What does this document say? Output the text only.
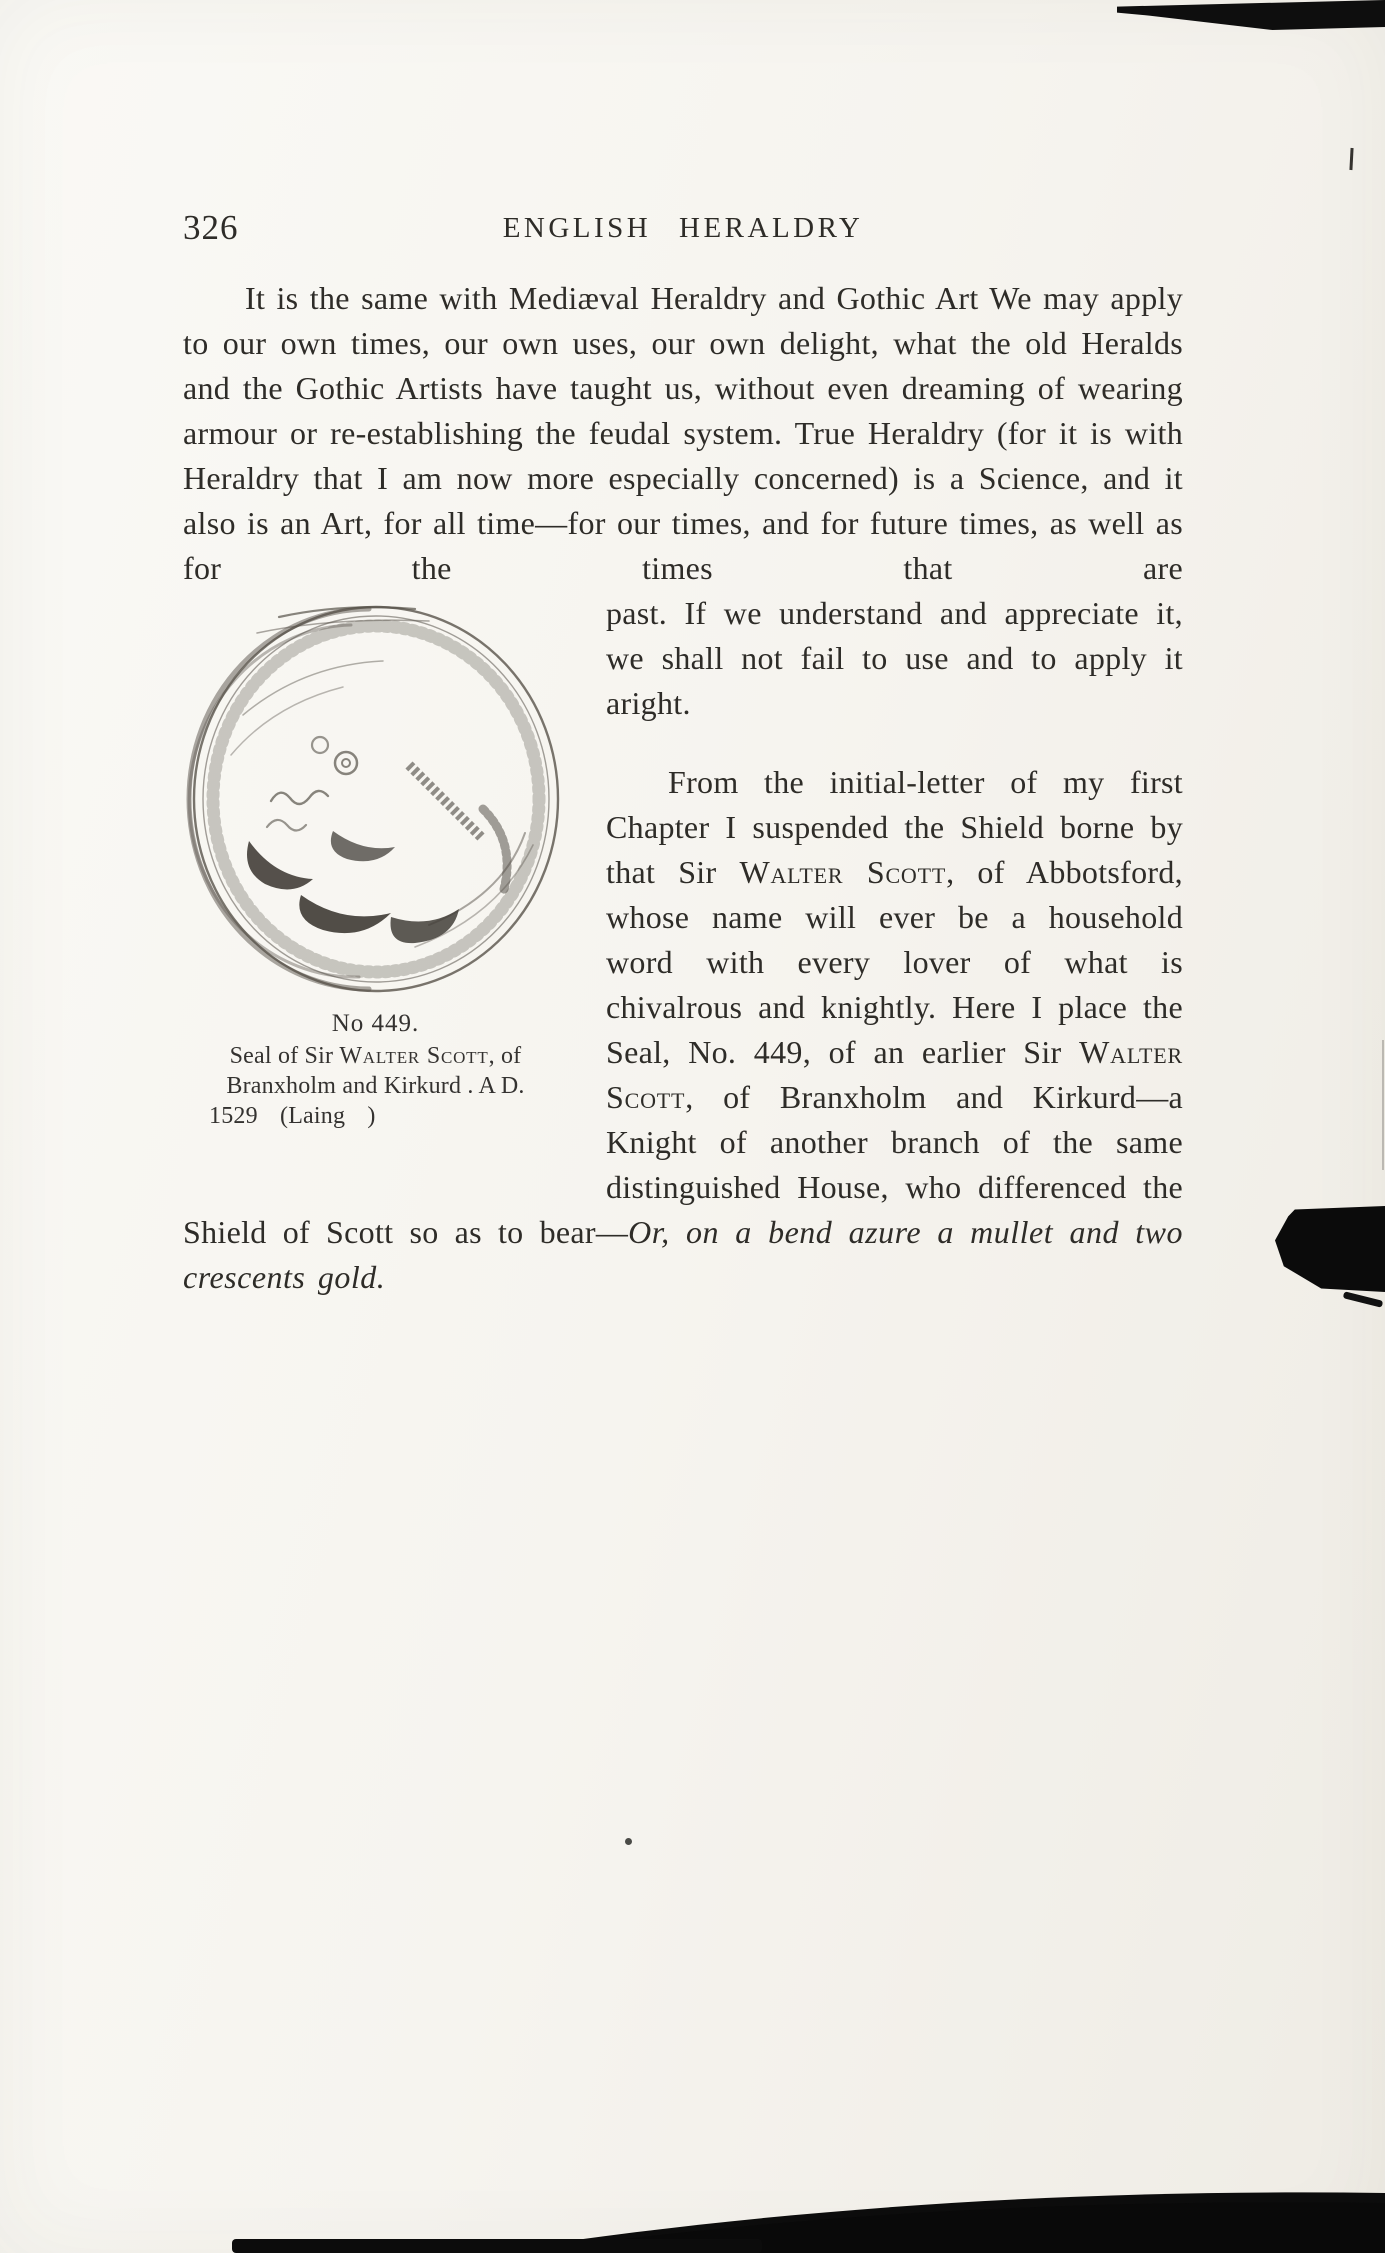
326	ENGLISH HERALDRY

It is the same with Mediæval Heraldry and Gothic Art We may apply to our own times, our own uses, our own delight, what the old Heralds and the Gothic Artists have taught us, without even dreaming of wearing armour or re-establishing the feudal system. True Heraldry (for it is with Heraldry that I am now more especially concerned) is a Science, and it also is an Art, for all time—for our times, and for future times, as well as for the times that are

No 449.
Seal of Sir Walter Scott, of
Branxholm and Kirkurd . A D.
1529 (Laing )

past. If we understand and appreciate it, we shall not fail to use and to apply it aright.

From the initial-letter of my first Chapter I suspended the Shield borne by that Sir Walter Scott, of Abbotsford, whose name will ever be a household word with every lover of what is chivalrous and knightly. Here I place the Seal, No. 449, of an earlier Sir Walter Scott, of Branxholm and Kirkurd—a Knight of another branch of the same distinguished House, who differenced the Shield of Scott so as to bear—Or, on a bend azure a mullet and two crescents gold.
